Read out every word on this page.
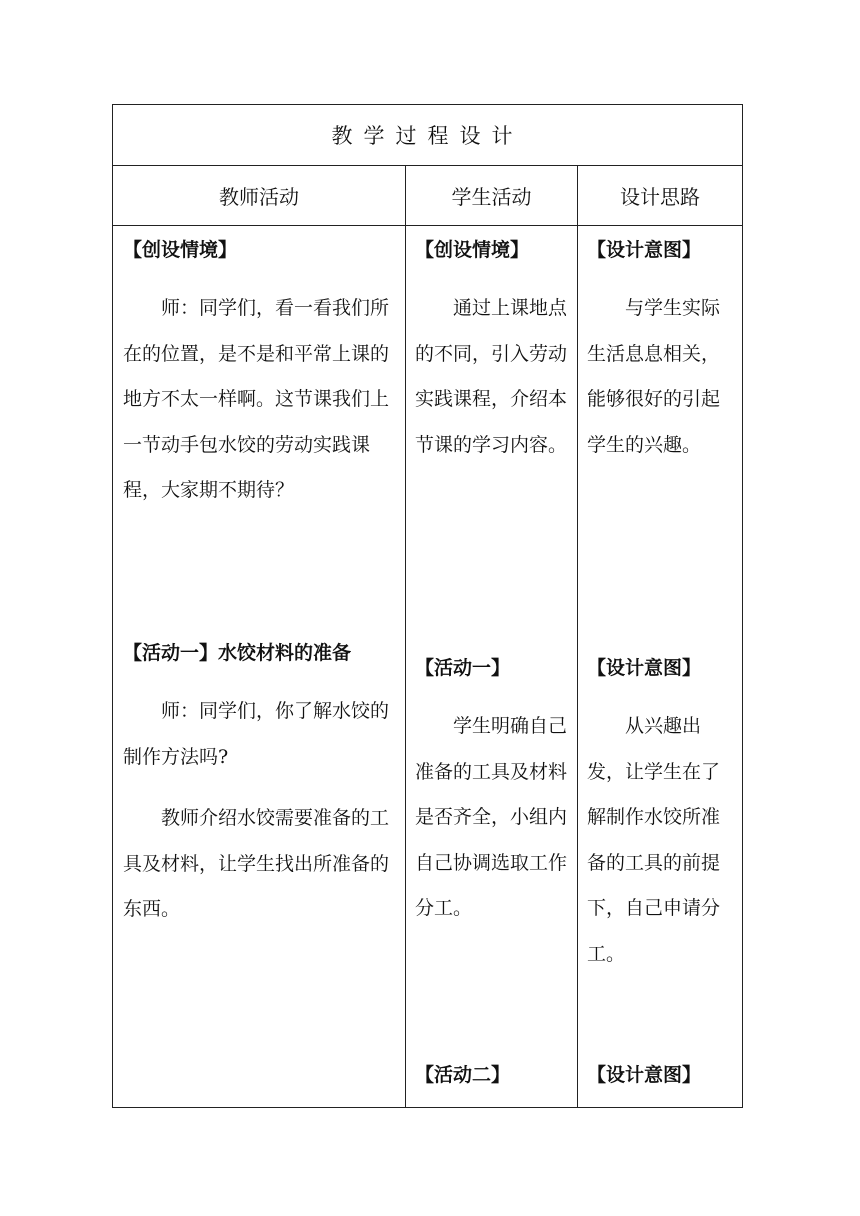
教学过程设计
教师活动	学生活动	设计思路
【创设情境】
师：同学们，看一看我们所在的位置，是不是和平常上课的地方不太一样啊。这节课我们上一节动手包水饺的劳动实践课程，大家期不期待？
【活动一】水饺材料的准备
师：同学们，你了解水饺的制作方法吗?
教师介绍水饺需要准备的工具及材料，让学生找出所准备的东西。
【创设情境】
通过上课地点的不同，引入劳动实践课程，介绍本节课的学习内容。
【活动一】
学生明确自己准备的工具及材料是否齐全，小组内自己协调选取工作分工。
【活动二】
【设计意图】
与学生实际生活息息相关，能够很好的引起学生的兴趣。
【设计意图】
从兴趣出发，让学生在了解制作水饺所准备的工具的前提下，自己申请分工。
【设计意图】
